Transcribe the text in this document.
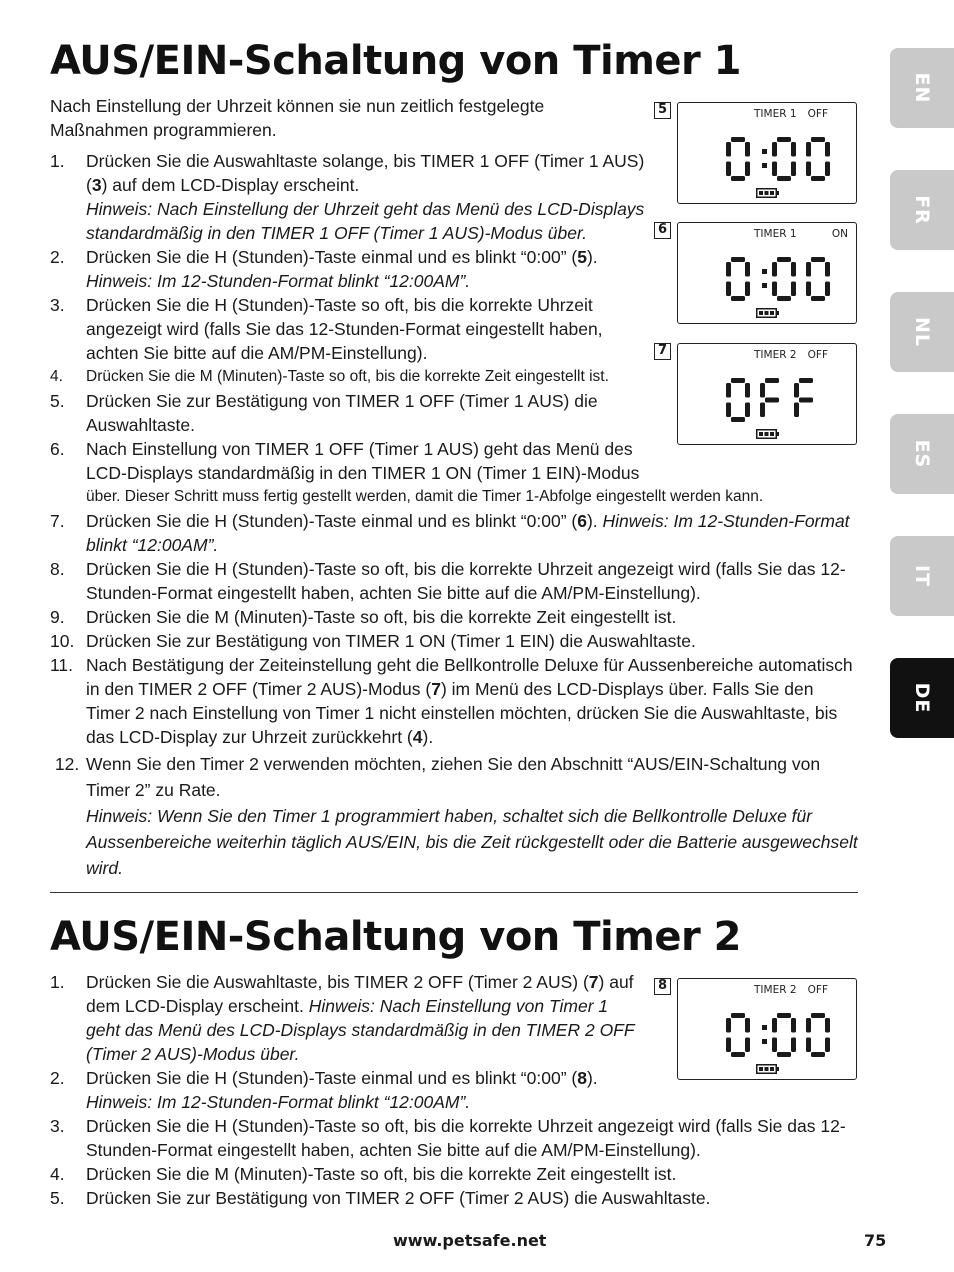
AUS/EIN-Schaltung von Timer 1

Nach Einstellung der Uhrzeit können sie nun zeitlich festgelegte Maßnahmen programmieren.

1. Drücken Sie die Auswahltaste solange, bis TIMER 1 OFF (Timer 1 AUS) (3) auf dem LCD-Display erscheint.
Hinweis: Nach Einstellung der Uhrzeit geht das Menü des LCD-Displays standardmäßig in den TIMER 1 OFF (Timer 1 AUS)-Modus über.
2. Drücken Sie die H (Stunden)-Taste einmal und es blinkt “0:00” (5).
Hinweis: Im 12-Stunden-Format blinkt “12:00AM”.
3. Drücken Sie die H (Stunden)-Taste so oft, bis die korrekte Uhrzeit angezeigt wird (falls Sie das 12-Stunden-Format eingestellt haben, achten Sie bitte auf die AM/PM-Einstellung).
4. Drücken Sie die M (Minuten)-Taste so oft, bis die korrekte Zeit eingestellt ist.
5. Drücken Sie zur Bestätigung von TIMER 1 OFF (Timer 1 AUS) die Auswahltaste.
6. Nach Einstellung von TIMER 1 OFF (Timer 1 AUS) geht das Menü des LCD-Displays standardmäßig in den TIMER 1 ON (Timer 1 EIN)-Modus
über. Dieser Schritt muss fertig gestellt werden, damit die Timer 1-Abfolge eingestellt werden kann.
7. Drücken Sie die H (Stunden)-Taste einmal und es blinkt “0:00” (6). Hinweis: Im 12-Stunden-Format blinkt “12:00AM”.
8. Drücken Sie die H (Stunden)-Taste so oft, bis die korrekte Uhrzeit angezeigt wird (falls Sie das 12-Stunden-Format eingestellt haben, achten Sie bitte auf die AM/PM-Einstellung).
9. Drücken Sie die M (Minuten)-Taste so oft, bis die korrekte Zeit eingestellt ist.
10. Drücken Sie zur Bestätigung von TIMER 1 ON (Timer 1 EIN) die Auswahltaste.
11. Nach Bestätigung der Zeiteinstellung geht die Bellkontrolle Deluxe für Aussenbereiche automatisch in den TIMER 2 OFF (Timer 2 AUS)-Modus (7) im Menü des LCD-Displays über. Falls Sie den Timer 2 nach Einstellung von Timer 1 nicht einstellen möchten, drücken Sie die Auswahltaste, bis das LCD-Display zur Uhrzeit zurückkehrt (4).
12. Wenn Sie den Timer 2 verwenden möchten, ziehen Sie den Abschnitt “AUS/EIN-Schaltung von Timer 2” zu Rate.
Hinweis: Wenn Sie den Timer 1 programmiert haben, schaltet sich die Bellkontrolle Deluxe für Aussenbereiche weiterhin täglich AUS/EIN, bis die Zeit rückgestellt oder die Batterie ausgewechselt wird.
AUS/EIN-Schaltung von Timer 2
1. Drücken Sie die Auswahltaste, bis TIMER 2 OFF (Timer 2 AUS) (7) auf dem LCD-Display erscheint. Hinweis: Nach Einstellung von Timer 1 geht das Menü des LCD-Displays standardmäßig in den TIMER 2 OFF (Timer 2 AUS)-Modus über.
2. Drücken Sie die H (Stunden)-Taste einmal und es blinkt “0:00” (8).
Hinweis: Im 12-Stunden-Format blinkt “12:00AM”.
3. Drücken Sie die H (Stunden)-Taste so oft, bis die korrekte Uhrzeit angezeigt wird (falls Sie das 12-Stunden-Format eingestellt haben, achten Sie bitte auf die AM/PM-Einstellung).
4. Drücken Sie die M (Minuten)-Taste so oft, bis die korrekte Zeit eingestellt ist.
5. Drücken Sie zur Bestätigung von TIMER 2 OFF (Timer 2 AUS) die Auswahltaste.
5	TIMER 1 OFF
6	TIMER 1	ON
7	TIMER 2 OFF
8	TIMER 2 OFF
EN
FR
NL
ES
IT
DE
www.petsafe.net	75
